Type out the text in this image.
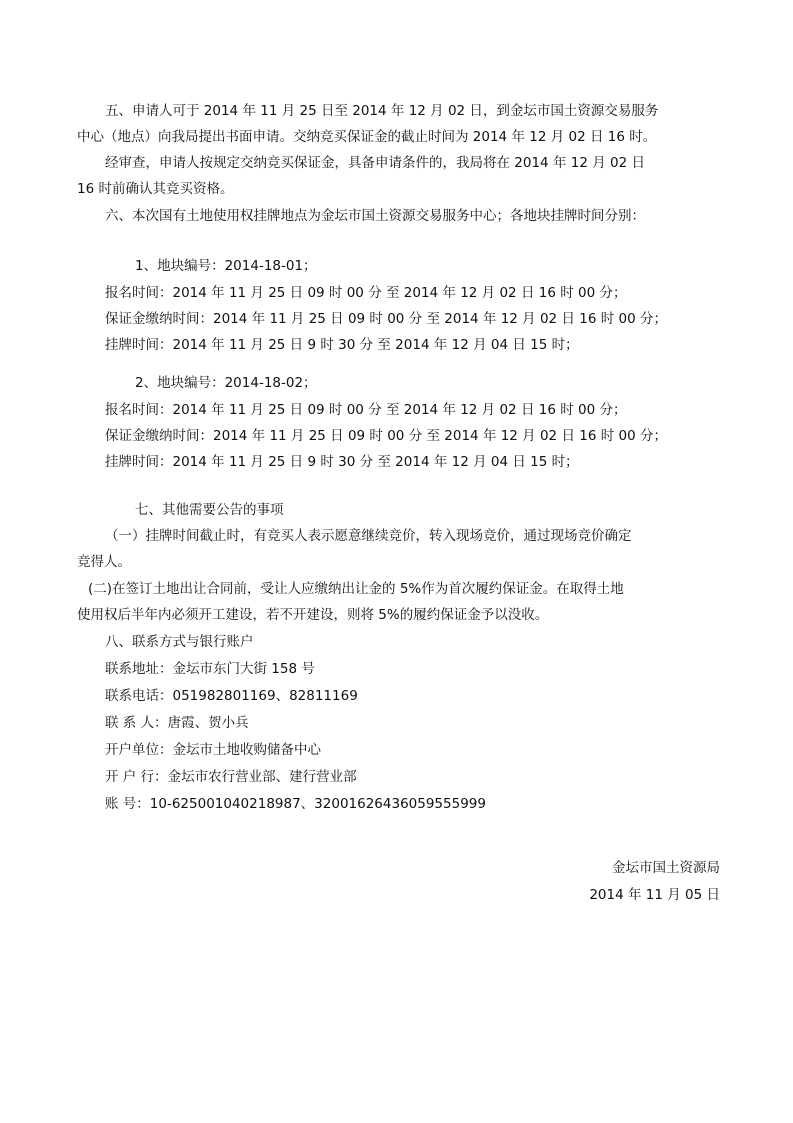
五、申请人可于 2014 年 11 月 25 日至 2014 年 12 月 02 日，到金坛市国土资源交易服务
中心（地点）向我局提出书面申请。交纳竞买保证金的截止时间为 2014 年 12 月 02 日 16 时。
经审查，申请人按规定交纳竞买保证金，具备申请条件的，我局将在 2014 年 12 月 02 日
16 时前确认其竞买资格。
六、本次国有土地使用权挂牌地点为金坛市国土资源交易服务中心；各地块挂牌时间分别：
1、地块编号：2014-18-01；
报名时间：2014 年 11 月 25 日 09 时 00 分 至 2014 年 12 月 02 日 16 时 00 分；
保证金缴纳时间：2014 年 11 月 25 日 09 时 00 分 至 2014 年 12 月 02 日 16 时 00 分；
挂牌时间：2014 年 11 月 25 日 9 时 30 分 至 2014 年 12 月 04 日 15 时；
2、地块编号：2014-18-02；
报名时间：2014 年 11 月 25 日 09 时 00 分 至 2014 年 12 月 02 日 16 时 00 分；
保证金缴纳时间：2014 年 11 月 25 日 09 时 00 分 至 2014 年 12 月 02 日 16 时 00 分；
挂牌时间：2014 年 11 月 25 日 9 时 30 分 至 2014 年 12 月 04 日 15 时；
七、其他需要公告的事项
（一）挂牌时间截止时，有竞买人表示愿意继续竞价，转入现场竞价，通过现场竞价确定
竞得人。
(二)在签订土地出让合同前，受让人应缴纳出让金的 5%作为首次履约保证金。在取得土地
使用权后半年内必须开工建设，若不开建设，则将 5%的履约保证金予以没收。
八、联系方式与银行账户
联系地址：金坛市东门大街 158 号
联系电话：051982801169、82811169
联 系 人：唐霞、贺小兵
开户单位：金坛市土地收购储备中心
开 户 行：金坛市农行营业部、建行营业部
账 号：10-625001040218987、32001626436059555999
金坛市国土资源局
2014 年 11 月 05 日
